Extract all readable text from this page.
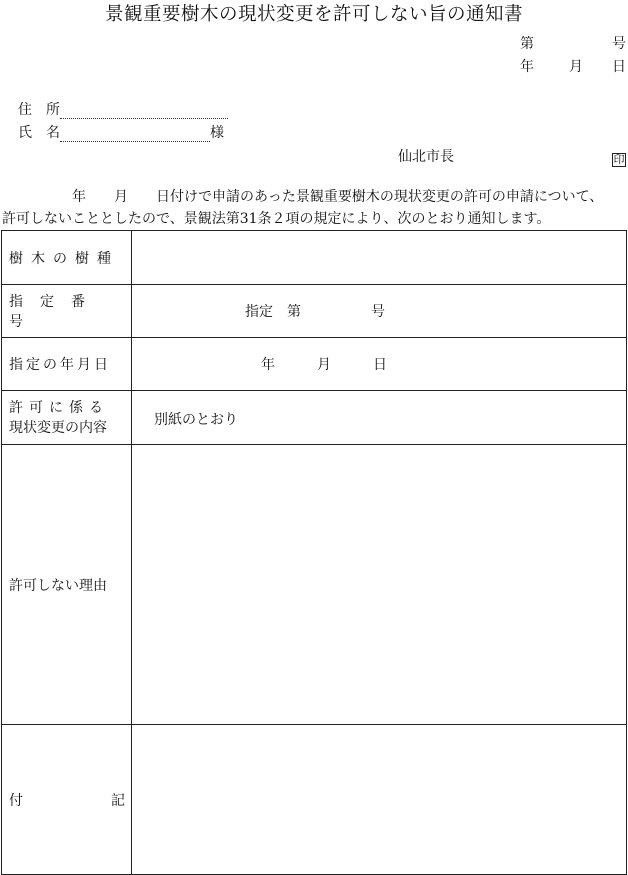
景観重要樹木の現状変更を許可しない旨の通知書
第	号
年	月 日
住　所
氏　名	様
仙北市長	印
年　　月　　日付けで申請のあった景観重要樹木の現状変更の許可の申請について、
許可しないこととしたので、景観法第31条２項の規定により、次のとおり通知します。
樹木の樹種	

指定番号	指定　第　　　　　号

指定の年月日	年　　　月　　　日

許可に係る
現状変更の内容	別紙のとおり

許可しない理由	

付 記	
